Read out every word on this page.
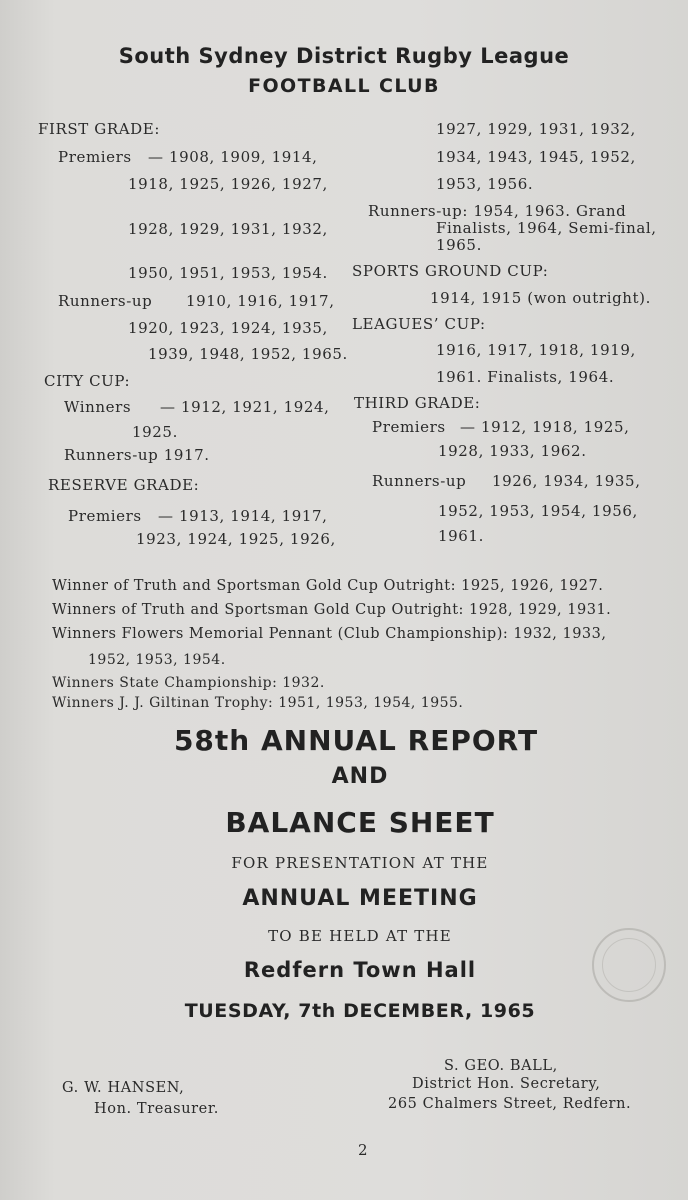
South Sydney District Rugby League
FOOTBALL CLUB
FIRST GRADE:
Premiers — 1908, 1909, 1914,
1918, 1925, 1926, 1927,
1928, 1929, 1931, 1932,
1950, 1951, 1953, 1954.
Runners-up 1910, 1916, 1917,
1920, 1923, 1924, 1935,
1939, 1948, 1952, 1965.
CITY CUP:
Winners — 1912, 1921, 1924,
1925.
Runners-up 1917.
RESERVE GRADE:
Premiers — 1913, 1914, 1917,
1923, 1924, 1925, 1926,
1927, 1929, 1931, 1932,
1934, 1943, 1945, 1952,
1953, 1956.
Runners-up: 1954, 1963. Grand
Finalists, 1964, Semi-final,
1965.
SPORTS GROUND CUP:
1914, 1915 (won outright).
LEAGUES’ CUP:
1916, 1917, 1918, 1919,
1961. Finalists, 1964.
THIRD GRADE:
Premiers — 1912, 1918, 1925,
1928, 1933, 1962.
Runners-up 1926, 1934, 1935,
1952, 1953, 1954, 1956,
1961.
Winner of Truth and Sportsman Gold Cup Outright: 1925, 1926, 1927.
Winners of Truth and Sportsman Gold Cup Outright: 1928, 1929, 1931.
Winners Flowers Memorial Pennant (Club Championship): 1932, 1933,
1952, 1953, 1954.
Winners State Championship: 1932.
Winners J. J. Giltinan Trophy: 1951, 1953, 1954, 1955.
58th ANNUAL REPORT
AND
BALANCE SHEET
FOR PRESENTATION AT THE
ANNUAL MEETING
TO BE HELD AT THE
Redfern Town Hall
TUESDAY, 7th DECEMBER, 1965
G. W. HANSEN,
Hon. Treasurer.
S. GEO. BALL,
District Hon. Secretary,
265 Chalmers Street, Redfern.
2
